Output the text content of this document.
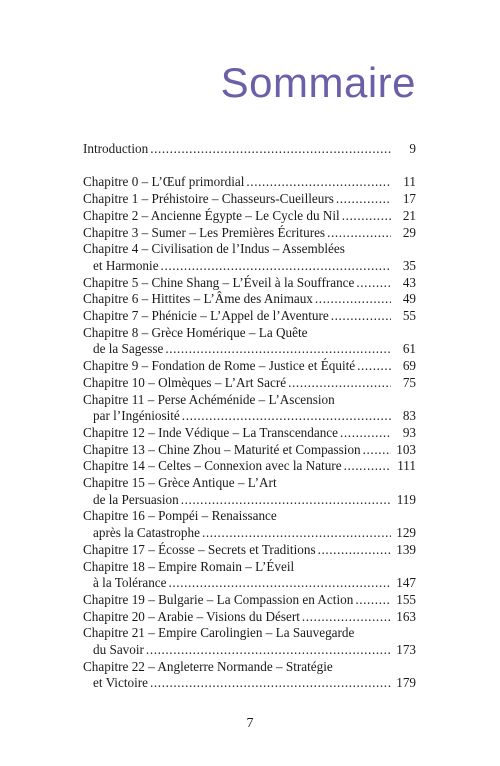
Sommaire
Introduction .....	9
Chapitre 0 – L’Œuf primordial .....	11
Chapitre 1 – Préhistoire – Chasseurs-Cueilleurs .....	17
Chapitre 2 – Ancienne Égypte – Le Cycle du Nil .....	21
Chapitre 3 – Sumer – Les Premières Écritures .....	29
Chapitre 4 – Civilisation de l’Indus – Assemblées
et Harmonie .....	35
Chapitre 5 – Chine Shang – L’Éveil à la Souffrance .....	43
Chapitre 6 – Hittites – L’Âme des Animaux .....	49
Chapitre 7 – Phénicie – L’Appel de l’Aventure .....	55
Chapitre 8 – Grèce Homérique – La Quête
de la Sagesse .....	61
Chapitre 9 – Fondation de Rome – Justice et Équité .....	69
Chapitre 10 – Olmèques – L’Art Sacré .....	75
Chapitre 11 – Perse Achéménide – L’Ascension
par l’Ingéniosité .....	83
Chapitre 12 – Inde Védique – La Transcendance .....	93
Chapitre 13 – Chine Zhou – Maturité et Compassion .....	103
Chapitre 14 – Celtes – Connexion avec la Nature .....	111
Chapitre 15 – Grèce Antique – L’Art
de la Persuasion .....	119
Chapitre 16 – Pompéi – Renaissance
après la Catastrophe .....	129
Chapitre 17 – Écosse – Secrets et Traditions .....	139
Chapitre 18 – Empire Romain – L’Éveil
à la Tolérance .....	147
Chapitre 19 – Bulgarie – La Compassion en Action .....	155
Chapitre 20 – Arabie – Visions du Désert .....	163
Chapitre 21 – Empire Carolingien – La Sauvegarde
du Savoir .....	173
Chapitre 22 – Angleterre Normande – Stratégie
et Victoire .....	179
7
